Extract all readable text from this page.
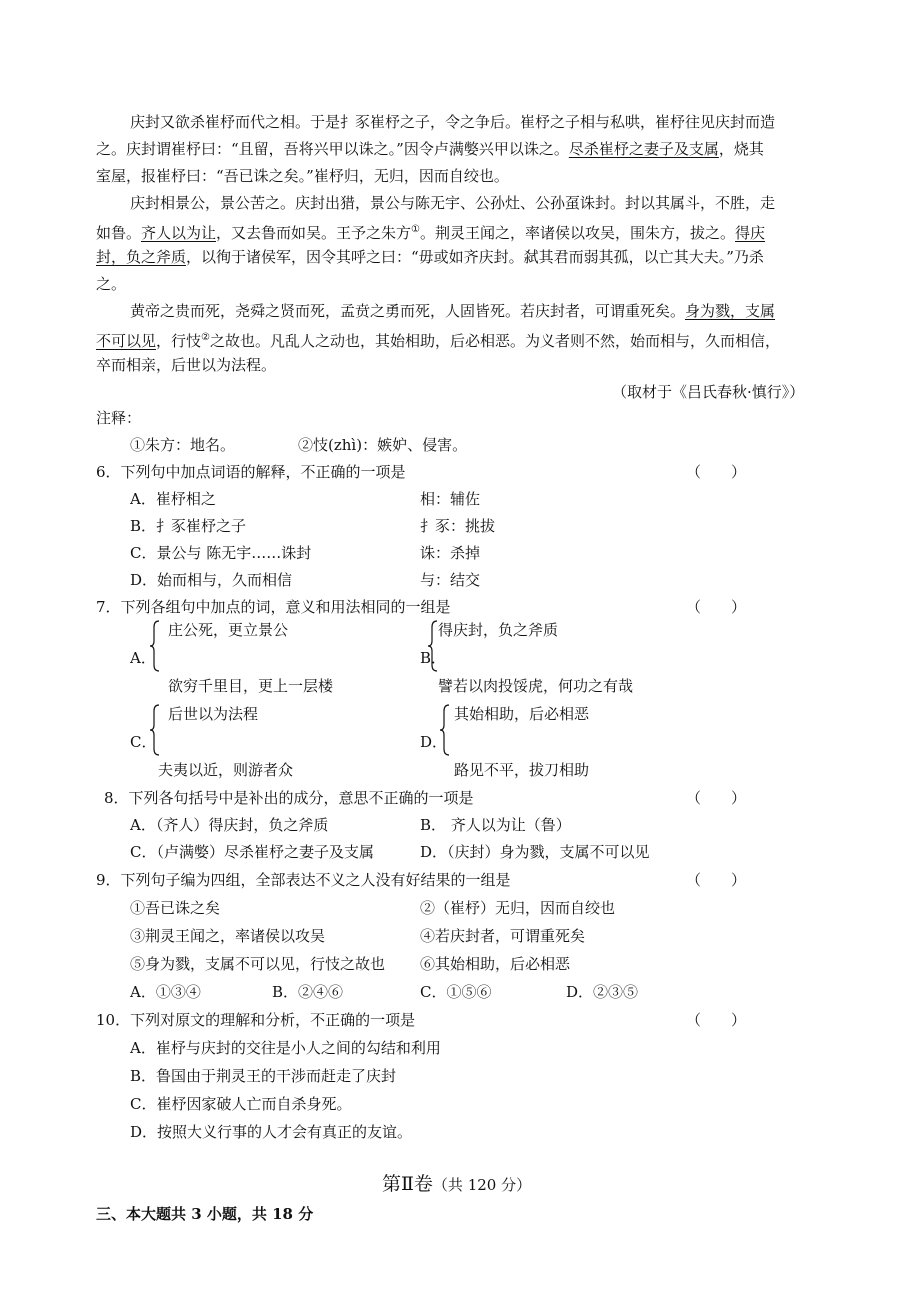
庆封又欲杀崔杼而代之相。于是扌豕崔杼之子，令之争后。崔杼之子相与私哄，崔杼往见庆封而造
之。庆封谓崔杼曰：“且留，吾将兴甲以诛之。”因令卢满嫳兴甲以诛之。尽杀崔杼之妻子及支属，烧其
室屋，报崔杼曰：“吾已诛之矣。”崔杼归，无归，因而自绞也。
庆封相景公，景公苦之。庆封出猎，景公与陈无宇、公孙灶、公孙虿诛封。封以其属斗，不胜，走
如鲁。齐人以为让，又去鲁而如吴。王予之朱方①。荆灵王闻之，率诸侯以攻吴，围朱方，拔之。得庆
封，负之斧质，以徇于诸侯军，因令其呼之曰：“毋或如齐庆封。弑其君而弱其孤，以亡其大夫。”乃杀
之。
黄帝之贵而死，尧舜之贤而死，孟贲之勇而死，人固皆死。若庆封者，可谓重死矣。身为戮，支属
不可以见，行忮②之故也。凡乱人之动也，其始相助，后必相恶。为义者则不然，始而相与，久而相信，
卒而相亲，后世以为法程。
（取材于《吕氏春秋·慎行》）
注释：
①朱方：地名。	②忮(zhì)：嫉妒、侵害。
6．下列句中加点词语的解释，不正确的一项是	（　　）
A．崔杼相之	相：辅佐
B．扌豕崔杼之子	扌豕：挑拔
C．景公与 陈无宇……诛封	诛：杀掉
D．始而相与，久而相信	与：结交
7．下列各组句中加点的词，意义和用法相同的一组是	（　　）
A．
庄公死，更立景公
欲穷千里目，更上一层楼
B．
得庆封，负之斧质
譬若以肉投馁虎，何功之有哉
C．
后世以为法程
夫夷以近，则游者众
D．
其始相助，后必相恶
路见不平，拔刀相助
8．下列各句括号中是补出的成分，意思不正确的一项是	（　　）
A．（齐人）得庆封，负之斧质	B． 齐人以为让（鲁）
C．（卢满嫳）尽杀崔杼之妻子及支属	D．（庆封）身为戮，支属不可以见
9．下列句子编为四组，全部表达不义之人没有好结果的一组是	（　　）
①吾已诛之矣	②（崔杼）无归，因而自绞也
③荆灵王闻之，率诸侯以攻吴	④若庆封者，可谓重死矣
⑤身为戮，支属不可以见，行忮之故也 ⑥其始相助，后必相恶
A．①③④	B．②④⑥	C．①⑤⑥	D．②③⑤
10．下列对原文的理解和分析，不正确的一项是	（　　）
A．崔杼与庆封的交往是小人之间的勾结和利用
B．鲁国由于荆灵王的干涉而赶走了庆封
C．崔杼因家破人亡而自杀身死。
D．按照大义行事的人才会有真正的友谊。
第Ⅱ卷（共 120 分）
三、本大题共 3 小题，共 18 分
